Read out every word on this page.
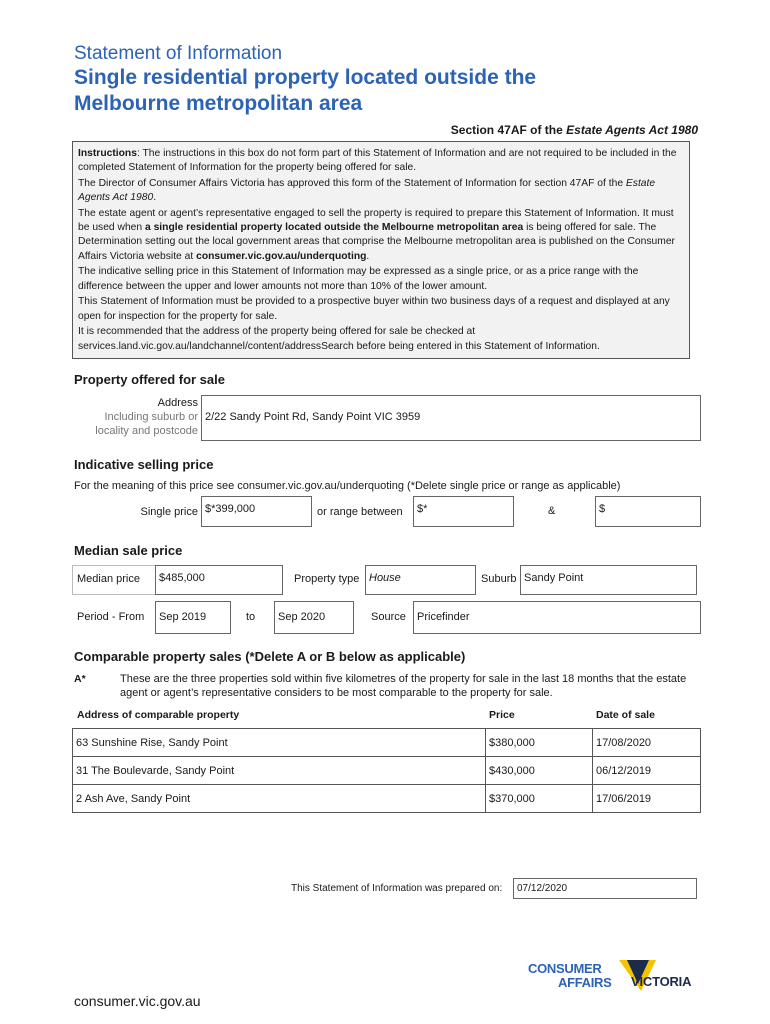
Statement of Information
Single residential property located outside the
Melbourne metropolitan area
Section 47AF of the Estate Agents Act 1980

Instructions: The instructions in this box do not form part of this Statement of Information and are not required to be included in the completed Statement of Information for the property being offered for sale.

The Director of Consumer Affairs Victoria has approved this form of the Statement of Information for section 47AF of the Estate Agents Act 1980.

The estate agent or agent’s representative engaged to sell the property is required to prepare this Statement of Information. It must be used when a single residential property located outside the Melbourne metropolitan area is being offered for sale. The Determination setting out the local government areas that comprise the Melbourne metropolitan area is published on the Consumer Affairs Victoria website at consumer.vic.gov.au/underquoting.

The indicative selling price in this Statement of Information may be expressed as a single price, or as a price range with the difference between the upper and lower amounts not more than 10% of the lower amount.

This Statement of Information must be provided to a prospective buyer within two business days of a request and displayed at any open for inspection for the property for sale.

It is recommended that the address of the property being offered for sale be checked at services.land.vic.gov.au/landchannel/content/addressSearch before being entered in this Statement of Information.

Property offered for sale
Address
Including suburb or
locality and postcode
2/22 Sandy Point Rd, Sandy Point VIC 3959
Indicative selling price
For the meaning of this price see consumer.vic.gov.au/underquoting (*Delete single price or range as applicable)
Single price $*399,000	or range between	$*	&	$
Median sale price
Median price	$485,000	Property type House	Suburb Sandy Point
Period - From	Sep 2019	to	Sep 2020	Source	Pricefinder
Comparable property sales (*Delete A or B below as applicable)
A*	These are the three properties sold within five kilometres of the property for sale in the last 18 months that the estate agent or agent’s representative considers to be most comparable to the property for sale.
Address of comparable property	Price	Date of sale
63 Sunshine Rise, Sandy Point	$380,000	17/08/2020
31 The Boulevarde, Sandy Point	$430,000	06/12/2019
2 Ash Ave, Sandy Point	$370,000	17/06/2019
This Statement of Information was prepared on:	07/12/2020
CONSUMER
AFFAIRS VICTORIA
consumer.vic.gov.au
